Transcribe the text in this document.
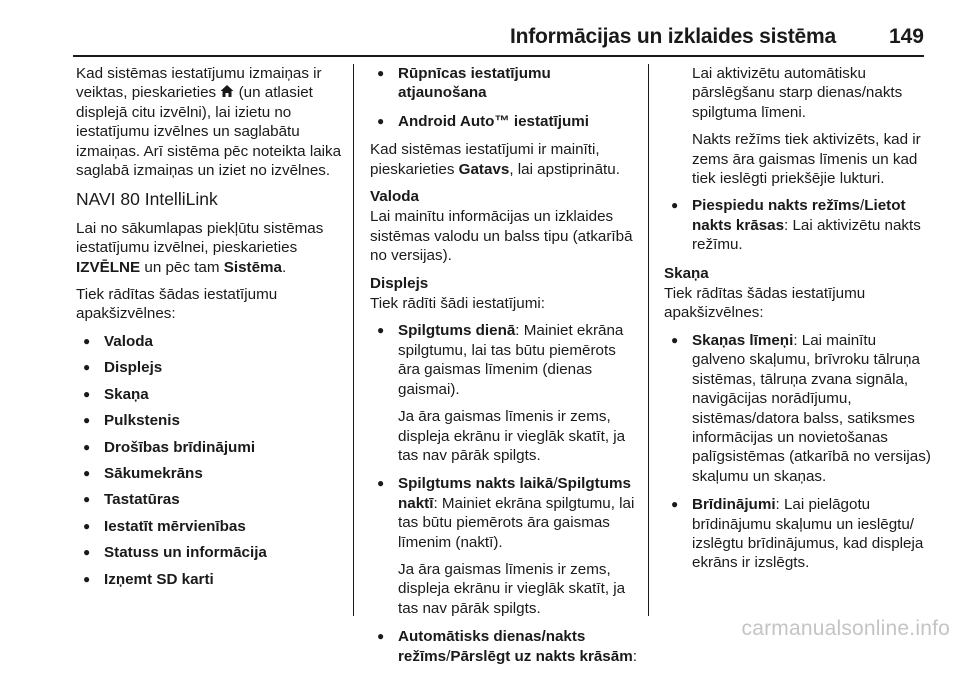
Informācijas un izklaides sistēma	149

Kad sistēmas iestatījumu izmaiņas ir veiktas, pieskarieties (un atlasiet displejā citu izvēlni), lai izietu no iestatījumu izvēlnes un saglabātu izmaiņas. Arī sistēma pēc noteikta laika saglabā izmaiņas un iziet no izvēlnes.

NAVI 80 IntelliLink

Lai no sākumlapas piekļūtu sistēmas iestatījumu izvēlnei, pieskarieties IZVĒLNE un pēc tam Sistēma.

Tiek rādītas šādas iestatījumu apakšizvēlnes:

● Valoda
● Displejs
● Skaņa
● Pulkstenis
● Drošības brīdinājumi
● Sākumekrāns
● Tastatūras
● Iestatīt mērvienības
● Statuss un informācija
● Izņemt SD karti
● Rūpnīcas iestatījumu atjaunošana
● Android Auto™ iestatījumi

Kad sistēmas iestatījumi ir mainīti, pieskarieties Gatavs, lai apstiprinātu.

Valoda

Lai mainītu informācijas un izklaides sistēmas valodu un balss tipu (atkarībā no versijas).

Displejs

Tiek rādīti šādi iestatījumi:

● Spilgtums dienā: Mainiet ekrāna spilgtumu, lai tas būtu piemērots āra gaismas līmenim (dienas gaismai).

Ja āra gaismas līmenis ir zems, displeja ekrānu ir vieglāk skatīt, ja tas nav pārāk spilgts.

● Spilgtums nakts laikā/Spilgtums naktī: Mainiet ekrāna spilgtumu, lai tas būtu piemērots āra gaismas līmenim (naktī).

Ja āra gaismas līmenis ir zems, displeja ekrānu ir vieglāk skatīt, ja tas nav pārāk spilgts.

● Automātisks dienas/nakts režīms/Pārslēgt uz nakts krāsām:

Lai aktivizētu automātisku pārslēgšanu starp dienas/nakts spilgtuma līmeni.

Nakts režīms tiek aktivizēts, kad ir zems āra gaismas līmenis un kad tiek ieslēgti priekšējie lukturi.

● Piespiedu nakts režīms/Lietot nakts krāsas: Lai aktivizētu nakts režīmu.

Skaņa

Tiek rādītas šādas iestatījumu apakšizvēlnes:

● Skaņas līmeņi: Lai mainītu galveno skaļumu, brīvroku tālruņa sistēmas, tālruņa zvana signāla, navigācijas norādījumu, sistēmas/datora balss, satiksmes informācijas un novietošanas palīgsistēmas (atkarībā no versijas) skaļumu un skaņas.

● Brīdinājumi: Lai pielāgotu brīdinājumu skaļumu un ieslēgtu/ izslēgtu brīdinājumus, kad displeja ekrāns ir izslēgts.

carmanualsonline.info
